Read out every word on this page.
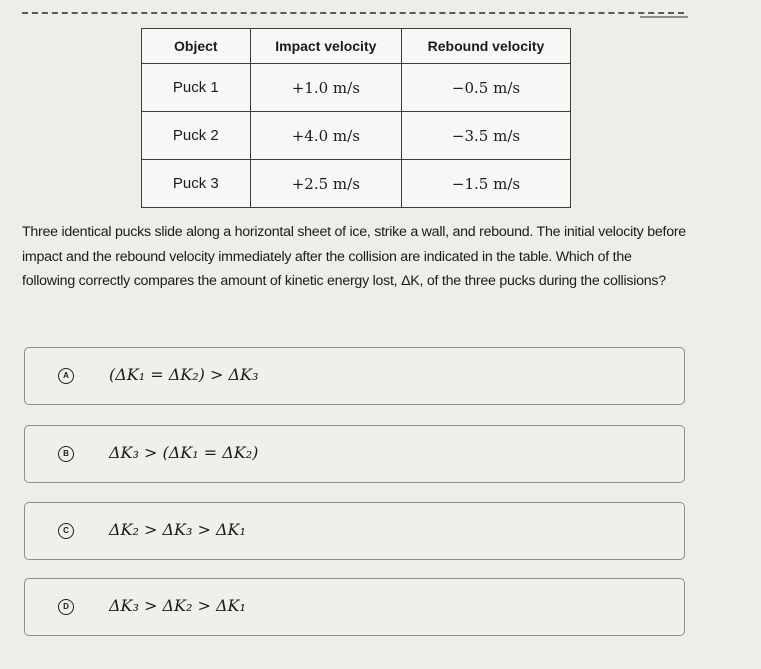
Object	Impact velocity	Rebound velocity
Puck 1	+1.0 m/s	−0.5 m/s
Puck 2	+4.0 m/s	−3.5 m/s
Puck 3	+2.5 m/s	−1.5 m/s

Three identical pucks slide along a horizontal sheet of ice, strike a wall, and rebound. The initial velocity before impact and the rebound velocity immediately after the collision are indicated in the table. Which of the following correctly compares the amount of kinetic energy lost, ΔK, of the three pucks during the collisions?

A	(ΔK₁ = ΔK₂) > ΔK₃
B	ΔK₃ > (ΔK₁ = ΔK₂)
C	ΔK₂ > ΔK₃ > ΔK₁
D	ΔK₃ > ΔK₂ > ΔK₁
